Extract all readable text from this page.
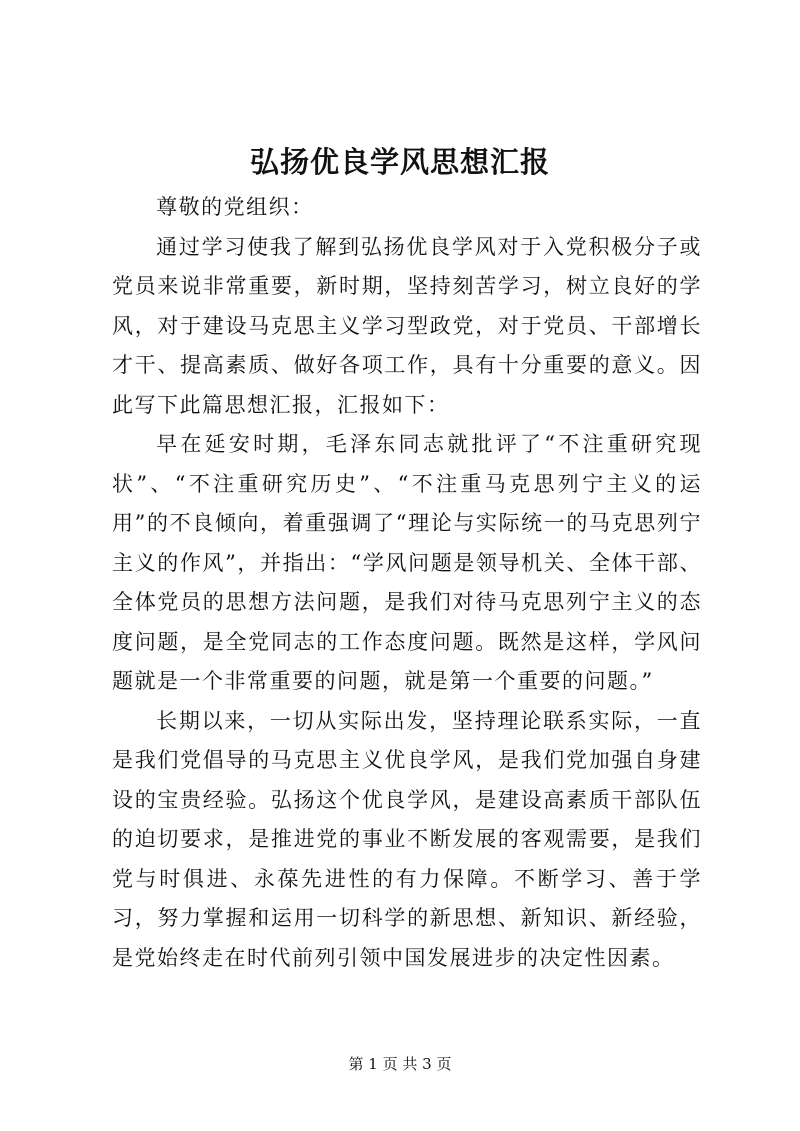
弘扬优良学风思想汇报

尊敬的党组织：

通过学习使我了解到弘扬优良学风对于入党积极分子或党员来说非常重要，新时期，坚持刻苦学习，树立良好的学风，对于建设马克思主义学习型政党，对于党员、干部增长才干、提高素质、做好各项工作，具有十分重要的意义。因此写下此篇思想汇报，汇报如下：

早在延安时期，毛泽东同志就批评了“不注重研究现状”、“不注重研究历史”、“不注重马克思列宁主义的运用”的不良倾向，着重强调了“理论与实际统一的马克思列宁主义的作风”，并指出：“学风问题是领导机关、全体干部、全体党员的思想方法问题，是我们对待马克思列宁主义的态度问题，是全党同志的工作态度问题。既然是这样，学风问题就是一个非常重要的问题，就是第一个重要的问题。”

长期以来，一切从实际出发，坚持理论联系实际，一直是我们党倡导的马克思主义优良学风，是我们党加强自身建设的宝贵经验。弘扬这个优良学风，是建设高素质干部队伍的迫切要求，是推进党的事业不断发展的客观需要，是我们党与时俱进、永葆先进性的有力保障。不断学习、善于学习，努力掌握和运用一切科学的新思想、新知识、新经验，是党始终走在时代前列引领中国发展进步的决定性因素。

第 1 页 共 3 页
